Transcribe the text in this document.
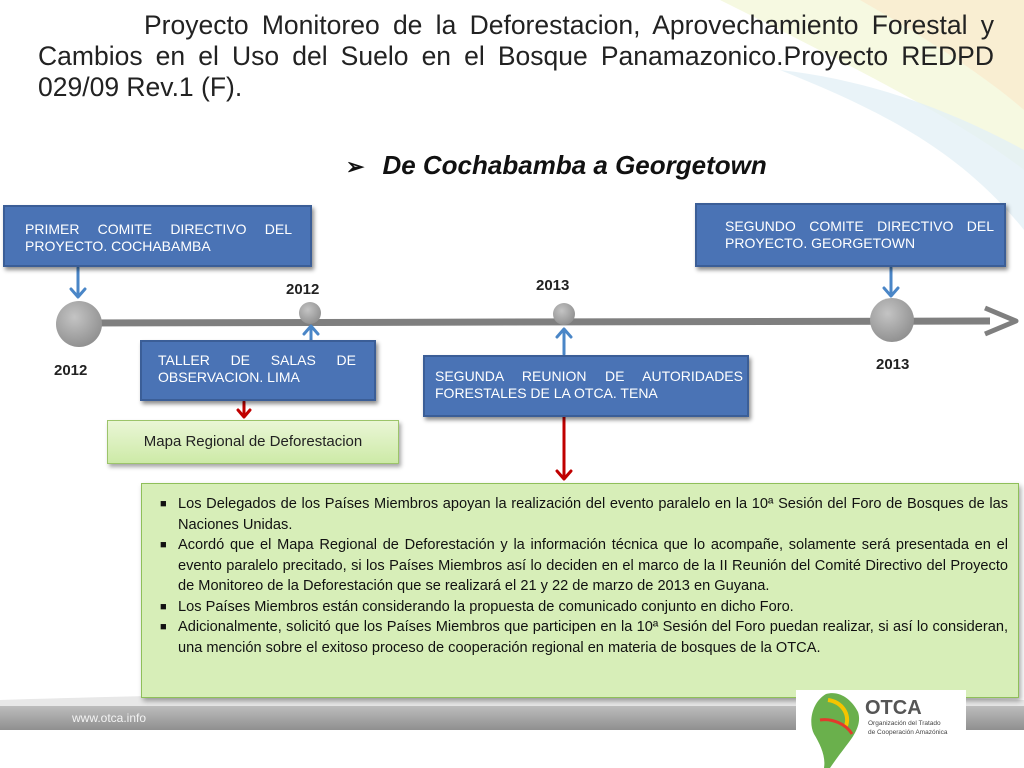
Proyecto Monitoreo de la Deforestacion, Aprovechamiento Forestal y Cambios en el Uso del Suelo en el Bosque Panamazonico.Proyecto REDPD 029/09 Rev.1 (F).
➢ De Cochabamba a Georgetown
PRIMER COMITE DIRECTIVO DEL PROYECTO. COCHABAMBA
TALLER DE SALAS DE OBSERVACION. LIMA	SEGUNDA REUNION DE AUTORIDADES FORESTALES DE LA OTCA. TENA
SEGUNDO COMITE DIRECTIVO DEL PROYECTO. GEORGETOWN
2012
2012	2013
2013
Mapa Regional de Deforestacion
■ Los Delegados de los Países Miembros apoyan la realización del evento paralelo en la 10ª Sesión del Foro de Bosques de las Naciones Unidas.
■ Acordó que el Mapa Regional de Deforestación y la información técnica que lo acompañe, solamente será presentada en el evento paralelo precitado, si los Países Miembros así lo deciden en el marco de la II Reunión del Comité Directivo del Proyecto de Monitoreo de la Deforestación que se realizará el 21 y 22 de marzo de 2013 en Guyana.
■ Los Países Miembros están considerando la propuesta de comunicado conjunto en dicho Foro.
■ Adicionalmente, solicitó que los Países Miembros que participen en la 10ª Sesión del Foro puedan realizar, si así lo consideran, una mención sobre el exitoso proceso de cooperación regional en materia de bosques de la OTCA.
www.otca.info	OTCA
Organización del Tratado
de Cooperación Amazónica
